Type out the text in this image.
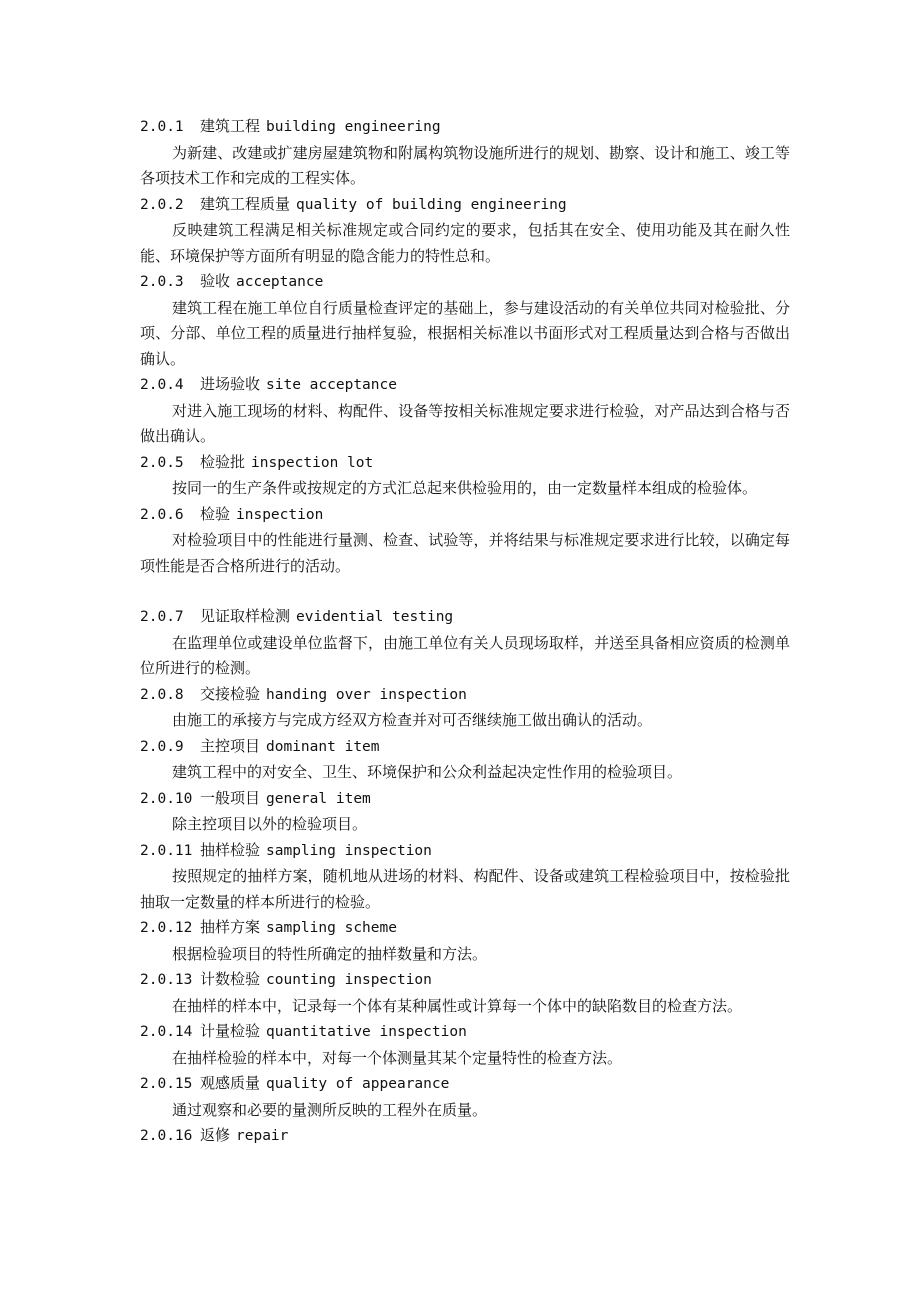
2.0.1 建筑工程 building engineering

为新建、改建或扩建房屋建筑物和附属构筑物设施所进行的规划、勘察、设计和施工、竣工等各项技术工作和完成的工程实体。

2.0.2 建筑工程质量 quality of building engineering

反映建筑工程满足相关标准规定或合同约定的要求，包括其在安全、使用功能及其在耐久性能、环境保护等方面所有明显的隐含能力的特性总和。

2.0.3 验收 acceptance

建筑工程在施工单位自行质量检查评定的基础上，参与建设活动的有关单位共同对检验批、分项、分部、单位工程的质量进行抽样复验，根据相关标准以书面形式对工程质量达到合格与否做出确认。

2.0.4 进场验收 site acceptance

对进入施工现场的材料、构配件、设备等按相关标准规定要求进行检验，对产品达到合格与否做出确认。

2.0.5 检验批 inspection lot

按同一的生产条件或按规定的方式汇总起来供检验用的，由一定数量样本组成的检验体。

2.0.6 检验 inspection

对检验项目中的性能进行量测、检查、试验等，并将结果与标准规定要求进行比较，以确定每项性能是否合格所进行的活动。

2.0.7 见证取样检测 evidential testing

在监理单位或建设单位监督下，由施工单位有关人员现场取样，并送至具备相应资质的检测单位所进行的检测。

2.0.8 交接检验 handing over inspection

由施工的承接方与完成方经双方检查并对可否继续施工做出确认的活动。

2.0.9 主控项目 dominant item

建筑工程中的对安全、卫生、环境保护和公众利益起决定性作用的检验项目。

2.0.10 一般项目 general item

除主控项目以外的检验项目。

2.0.11 抽样检验 sampling inspection

按照规定的抽样方案，随机地从进场的材料、构配件、设备或建筑工程检验项目中，按检验批抽取一定数量的样本所进行的检验。

2.0.12 抽样方案 sampling scheme

根据检验项目的特性所确定的抽样数量和方法。

2.0.13 计数检验 counting inspection

在抽样的样本中，记录每一个体有某种属性或计算每一个体中的缺陷数目的检查方法。

2.0.14 计量检验 quantitative inspection

在抽样检验的样本中，对每一个体测量其某个定量特性的检查方法。

2.0.15 观感质量 quality of appearance

通过观察和必要的量测所反映的工程外在质量。

2.0.16 返修 repair
